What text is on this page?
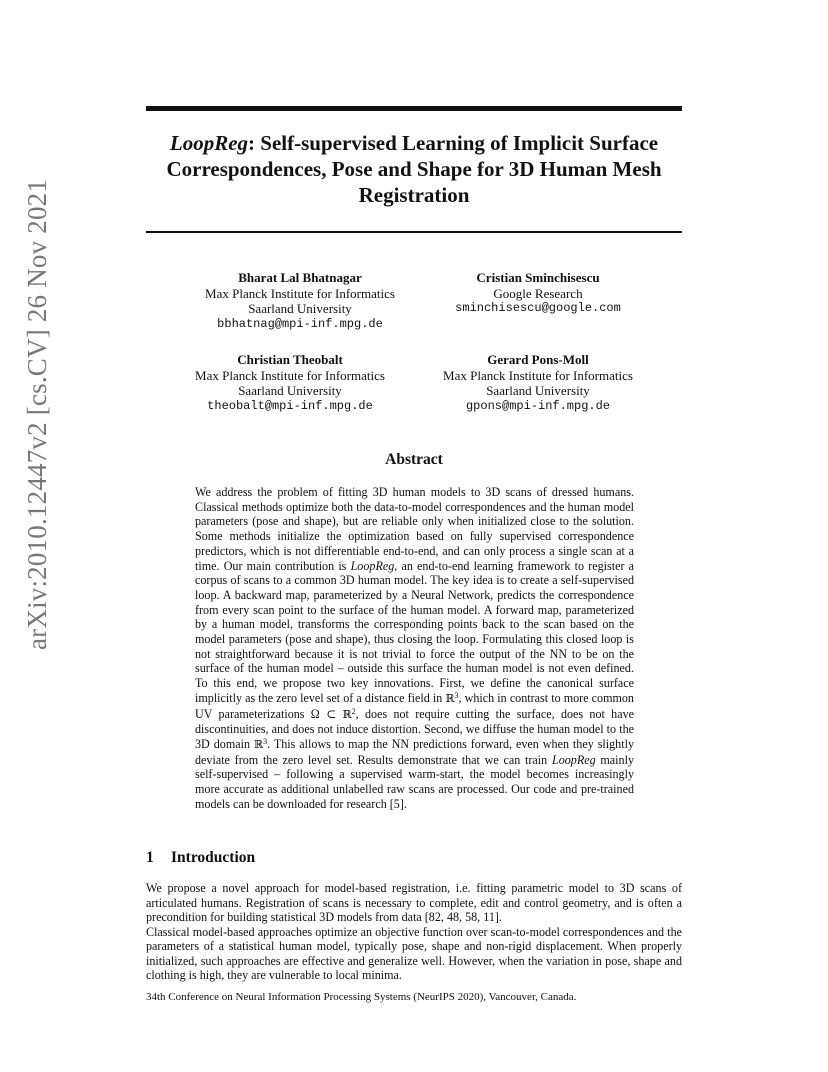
arXiv:2010.12447v2 [cs.CV] 26 Nov 2021
LoopReg: Self-supervised Learning of Implicit Surface Correspondences, Pose and Shape for 3D Human Mesh Registration
Bharat Lal Bhatnagar
Max Planck Institute for Informatics
Saarland University
bbhatnag@mpi-inf.mpg.de
Cristian Sminchisescu
Google Research
sminchisescu@google.com
Christian Theobalt
Max Planck Institute for Informatics
Saarland University
theobalt@mpi-inf.mpg.de
Gerard Pons-Moll
Max Planck Institute for Informatics
Saarland University
gpons@mpi-inf.mpg.de
Abstract
We address the problem of fitting 3D human models to 3D scans of dressed humans. Classical methods optimize both the data-to-model correspondences and the human model parameters (pose and shape), but are reliable only when initialized close to the solution. Some methods initialize the optimization based on fully supervised correspondence predictors, which is not differentiable end-to-end, and can only process a single scan at a time. Our main contribution is LoopReg, an end-to-end learning framework to register a corpus of scans to a common 3D human model. The key idea is to create a self-supervised loop. A backward map, parameterized by a Neural Network, predicts the correspondence from every scan point to the surface of the human model. A forward map, parameterized by a human model, transforms the corresponding points back to the scan based on the model parameters (pose and shape), thus closing the loop. Formulating this closed loop is not straightforward because it is not trivial to force the output of the NN to be on the surface of the human model – outside this surface the human model is not even defined. To this end, we propose two key innovations. First, we define the canonical surface implicitly as the zero level set of a distance field in ℝ$^3$, which in contrast to more common UV parameterizations Ω ⊂ ℝ$^2$, does not require cutting the surface, does not have discontinuities, and does not induce distortion. Second, we diffuse the human model to the 3D domain ℝ$^3$. This allows to map the NN predictions forward, even when they slightly deviate from the zero level set. Results demonstrate that we can train LoopReg mainly self-supervised – following a supervised warm-start, the model becomes increasingly more accurate as additional unlabelled raw scans are processed. Our code and pre-trained models can be downloaded for research [5].
1 Introduction

We propose a novel approach for model-based registration, i.e. fitting parametric model to 3D scans of articulated humans. Registration of scans is necessary to complete, edit and control geometry, and is often a precondition for building statistical 3D models from data [82, 48, 58, 11].

Classical model-based approaches optimize an objective function over scan-to-model correspondences and the parameters of a statistical human model, typically pose, shape and non-rigid displacement. When properly initialized, such approaches are effective and generalize well. However, when the variation in pose, shape and clothing is high, they are vulnerable to local minima.

34th Conference on Neural Information Processing Systems (NeurIPS 2020), Vancouver, Canada.
